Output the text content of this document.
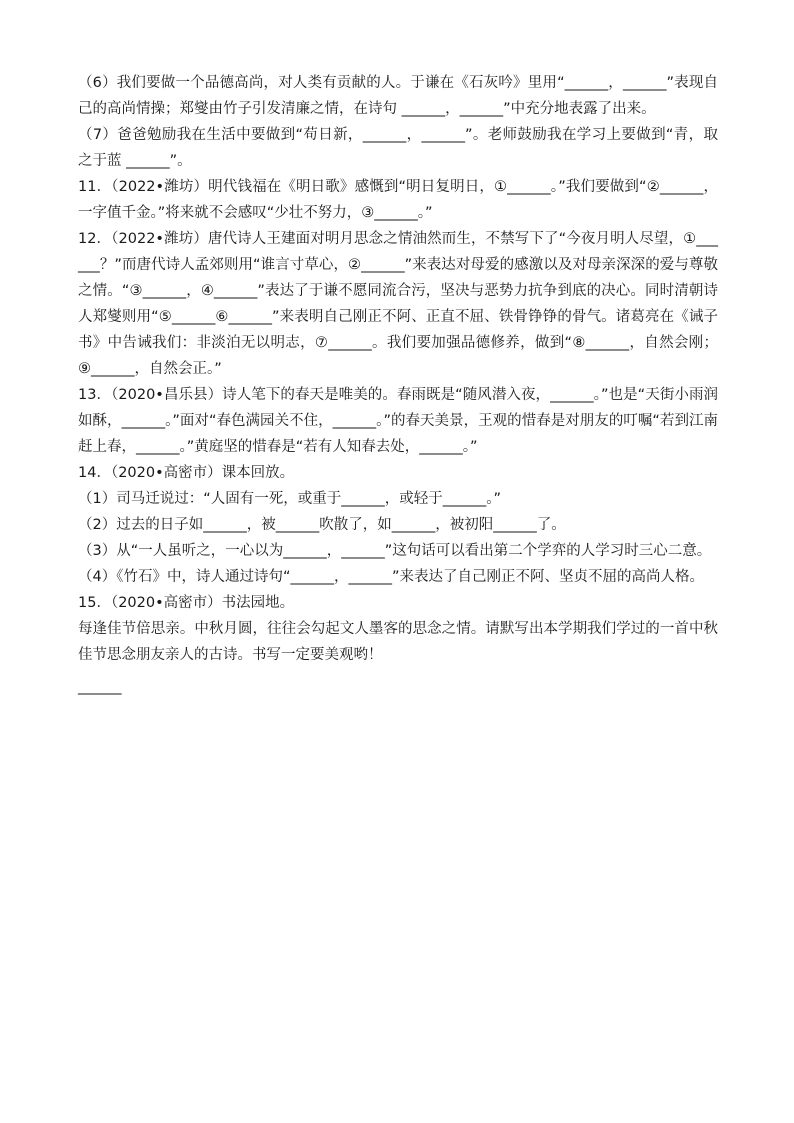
（6）我们要做一个品德高尚，对人类有贡献的人。于谦在《石灰吟》里用“______，______”表现自己的高尚情操；郑燮由竹子引发清廉之情，在诗句 ______，______”中充分地表露了出来。

（7）爸爸勉励我在生活中要做到“苟日新，______，______”。老师鼓励我在学习上要做到“青，取之于蓝 ______”。

11．（2022•潍坊）明代钱福在《明日歌》感慨到“明日复明日，①______。”我们要做到“②______，一字值千金。”将来就不会感叹“少壮不努力，③______。”

12．（2022•潍坊）唐代诗人王建面对明月思念之情油然而生，不禁写下了“今夜月明人尽望，①______？”而唐代诗人孟郊则用“谁言寸草心，②______”来表达对母爱的感激以及对母亲深深的爱与尊敬之情。“③______，④______”表达了于谦不愿同流合污，坚决与恶势力抗争到底的决心。同时清朝诗人郑燮则用“⑤______⑥______”来表明自己刚正不阿、正直不屈、铁骨铮铮的骨气。诸葛亮在《诫子书》中告诫我们：非淡泊无以明志，⑦______。我们要加强品德修养，做到“⑧______，自然会刚；⑨______，自然会正。”

13．（2020•昌乐县）诗人笔下的春天是唯美的。春雨既是“随风潜入夜，______。”也是“天街小雨润如酥，______。”面对“春色满园关不住，______。”的春天美景，王观的惜春是对朋友的叮嘱“若到江南赶上春，______。”黄庭坚的惜春是“若有人知春去处，______。”

14．（2020•高密市）课本回放。

（1）司马迁说过：“人固有一死，或重于______，或轻于______。”

（2）过去的日子如______，被______吹散了，如______，被初阳______了。

（3）从“一人虽听之，一心以为______，______”这句话可以看出第二个学弈的人学习时三心二意。

（4）《竹石》中，诗人通过诗句“______，______”来表达了自己刚正不阿、坚贞不屈的高尚人格。

15．（2020•高密市）书法园地。

每逢佳节倍思亲。中秋月圆，往往会勾起文人墨客的思念之情。请默写出本学期我们学过的一首中秋佳节思念朋友亲人的古诗。书写一定要美观哟！

______
